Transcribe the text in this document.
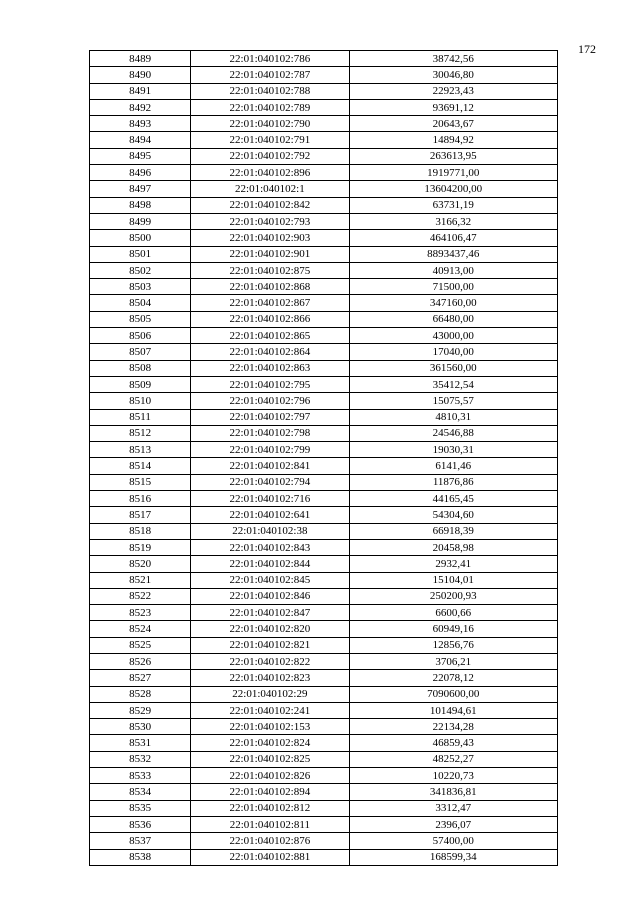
172
8489	22:01:040102:786	38742,56
8490	22:01:040102:787	30046,80
8491	22:01:040102:788	22923,43
8492	22:01:040102:789	93691,12
8493	22:01:040102:790	20643,67
8494	22:01:040102:791	14894,92
8495	22:01:040102:792	263613,95
8496	22:01:040102:896	1919771,00
8497	22:01:040102:1	13604200,00
8498	22:01:040102:842	63731,19
8499	22:01:040102:793	3166,32
8500	22:01:040102:903	464106,47
8501	22:01:040102:901	8893437,46
8502	22:01:040102:875	40913,00
8503	22:01:040102:868	71500,00
8504	22:01:040102:867	347160,00
8505	22:01:040102:866	66480,00
8506	22:01:040102:865	43000,00
8507	22:01:040102:864	17040,00
8508	22:01:040102:863	361560,00
8509	22:01:040102:795	35412,54
8510	22:01:040102:796	15075,57
8511	22:01:040102:797	4810,31
8512	22:01:040102:798	24546,88
8513	22:01:040102:799	19030,31
8514	22:01:040102:841	6141,46
8515	22:01:040102:794	11876,86
8516	22:01:040102:716	44165,45
8517	22:01:040102:641	54304,60
8518	22:01:040102:38	66918,39
8519	22:01:040102:843	20458,98
8520	22:01:040102:844	2932,41
8521	22:01:040102:845	15104,01
8522	22:01:040102:846	250200,93
8523	22:01:040102:847	6600,66
8524	22:01:040102:820	60949,16
8525	22:01:040102:821	12856,76
8526	22:01:040102:822	3706,21
8527	22:01:040102:823	22078,12
8528	22:01:040102:29	7090600,00
8529	22:01:040102:241	101494,61
8530	22:01:040102:153	22134,28
8531	22:01:040102:824	46859,43
8532	22:01:040102:825	48252,27
8533	22:01:040102:826	10220,73
8534	22:01:040102:894	341836,81
8535	22:01:040102:812	3312,47
8536	22:01:040102:811	2396,07
8537	22:01:040102:876	57400,00
8538	22:01:040102:881	168599,34
